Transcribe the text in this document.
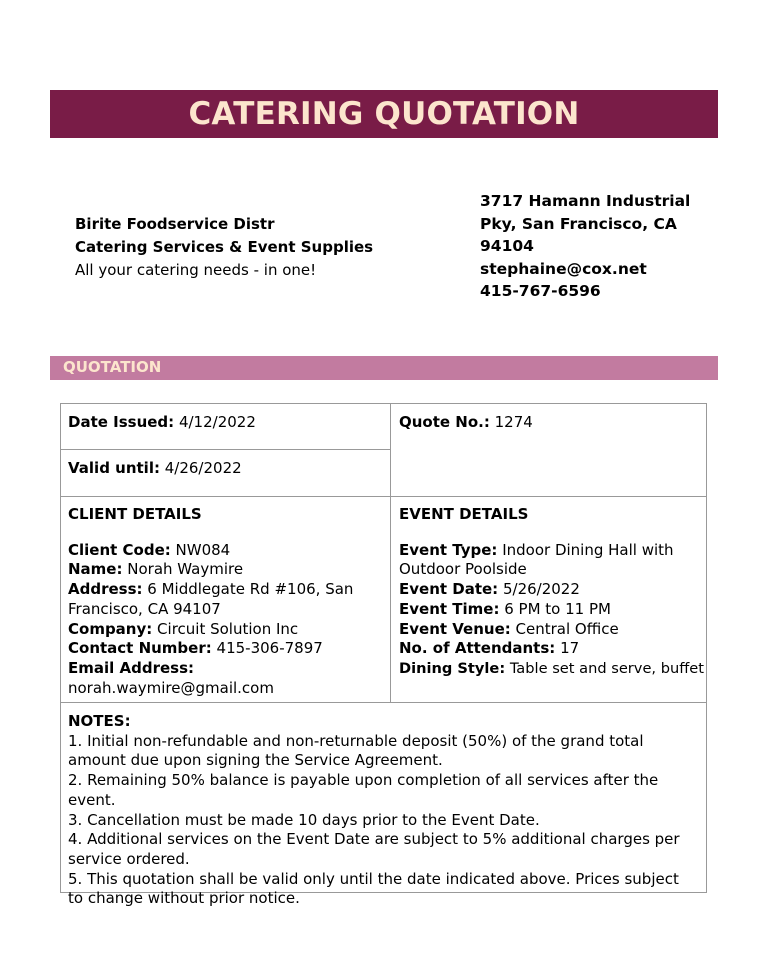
CATERING QUOTATION
Birite Foodservice Distr
Catering Services & Event Supplies
All your catering needs - in one!
3717 Hamann Industrial
Pky, San Francisco, CA
94104
stephaine@cox.net
415-767-6596
QUOTATION
Date Issued: 4/12/2022
Valid until: 4/26/2022
Quote No.: 1274
CLIENT DETAILS
Client Code: NW084
Name: Norah Waymire
Address: 6 Middlegate Rd #106, San Francisco, CA 94107
Company: Circuit Solution Inc
Contact Number: 415-306-7897
Email Address:
norah.waymire@gmail.com
EVENT DETAILS
Event Type: Indoor Dining Hall with Outdoor Poolside
Event Date: 5/26/2022
Event Time: 6 PM to 11 PM
Event Venue: Central Office
No. of Attendants: 17
Dining Style: Table set and serve, buffet
NOTES:
1. Initial non-refundable and non-returnable deposit (50%) of the grand total amount due upon signing the Service Agreement.
2. Remaining 50% balance is payable upon completion of all services after the event.
3. Cancellation must be made 10 days prior to the Event Date.
4. Additional services on the Event Date are subject to 5% additional charges per service ordered.
5. This quotation shall be valid only until the date indicated above. Prices subject to change without prior notice.
